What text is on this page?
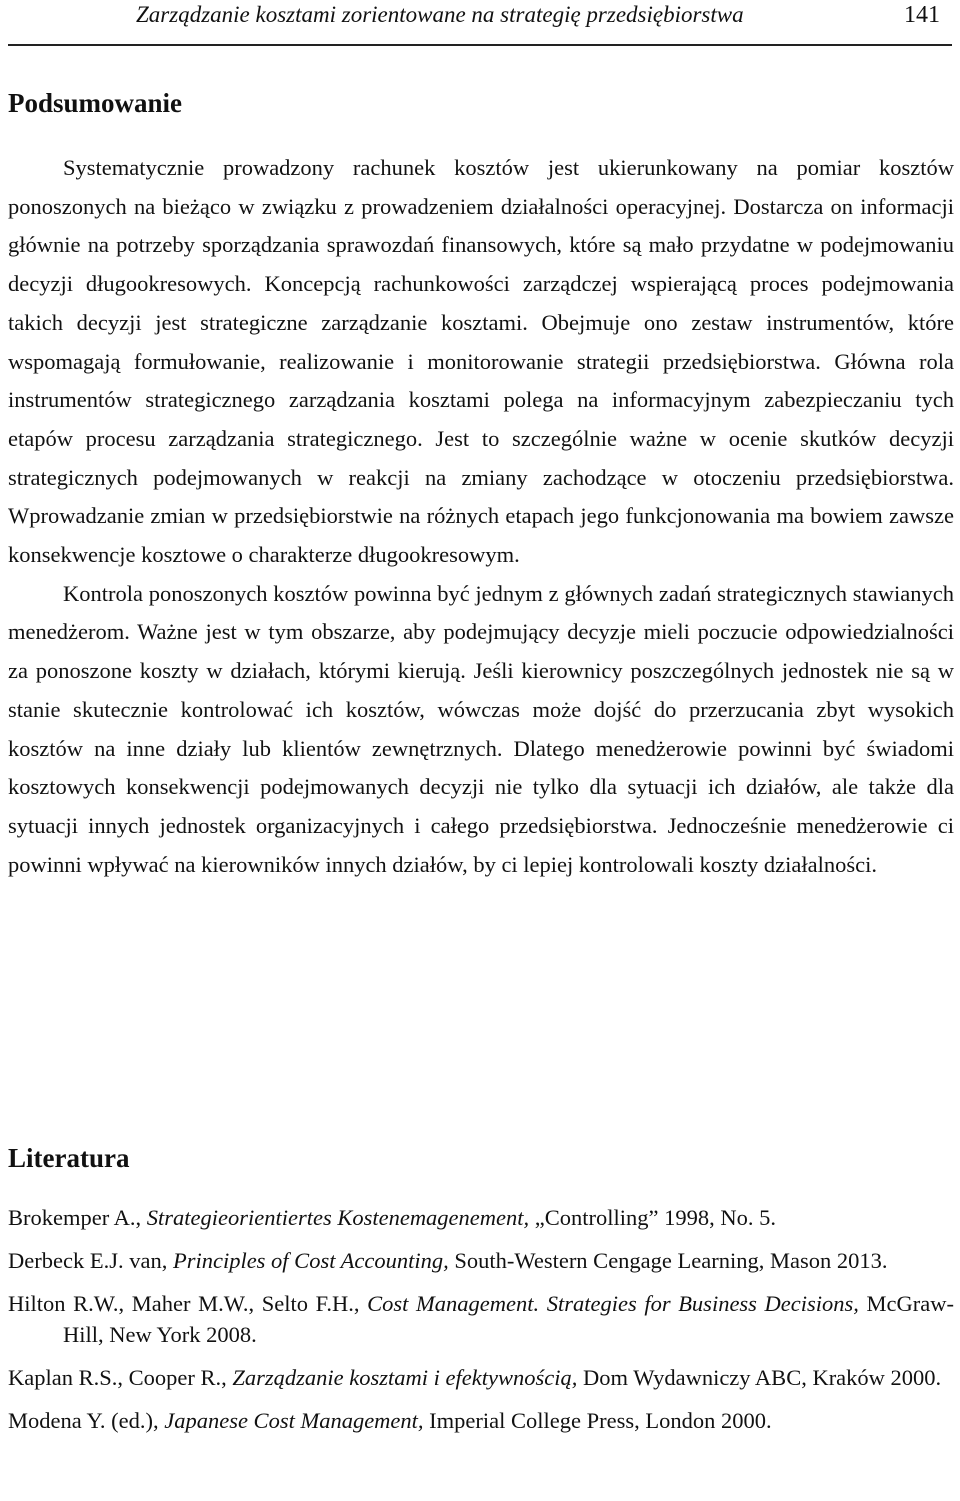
Zarządzanie kosztami zorientowane na strategię przedsiębiorstwa	141
Podsumowanie

Systematycznie prowadzony rachunek kosztów jest ukierunkowany na pomiar kosztów ponoszonych na bieżąco w związku z prowadzeniem działalności operacyjnej. Dostarcza on informacji głównie na potrzeby sporządzania sprawozdań finansowych, które są mało przydatne w podejmowaniu decyzji długookresowych. Koncepcją rachunkowości zarządczej wspierającą proces podejmowania takich decyzji jest strategiczne zarządzanie kosztami. Obejmuje ono zestaw instrumentów, które wspomagają formułowanie, realizowanie i monitorowanie strategii przedsiębiorstwa. Główna rola instrumentów strategicznego zarządzania kosztami polega na informacyjnym zabezpieczaniu tych etapów procesu zarządzania strategicznego. Jest to szczególnie ważne w ocenie skutków decyzji strategicznych podejmowanych w reakcji na zmiany zachodzące w otoczeniu przedsiębiorstwa. Wprowadzanie zmian w przedsiębiorstwie na różnych etapach jego funkcjonowania ma bowiem zawsze konsekwencje kosztowe o charakterze długookresowym.

Kontrola ponoszonych kosztów powinna być jednym z głównych zadań strategicznych stawianych menedżerom. Ważne jest w tym obszarze, aby podejmujący decyzje mieli poczucie odpowiedzialności za ponoszone koszty w działach, którymi kierują. Jeśli kierownicy poszczególnych jednostek nie są w stanie skutecznie kontrolować ich kosztów, wówczas może dojść do przerzucania zbyt wysokich kosztów na inne działy lub klientów zewnętrznych. Dlatego menedżerowie powinni być świadomi kosztowych konsekwencji podejmowanych decyzji nie tylko dla sytuacji ich działów, ale także dla sytuacji innych jednostek organizacyjnych i całego przedsiębiorstwa. Jednocześnie menedżerowie ci powinni wpływać na kierowników innych działów, by ci lepiej kontrolowali koszty działalności.

Literatura

Brokemper A., Strategieorientiertes Kostenemagenement, „Controlling” 1998, No. 5.

Derbeck E.J. van, Principles of Cost Accounting, South-Western Cengage Learning, Mason 2013.

Hilton R.W., Maher M.W., Selto F.H., Cost Management. Strategies for Business Decisions, McGraw-Hill, New York 2008.

Kaplan R.S., Cooper R., Zarządzanie kosztami i efektywnością, Dom Wydawniczy ABC, Kraków 2000.

Modena Y. (ed.), Japanese Cost Management, Imperial College Press, London 2000.
